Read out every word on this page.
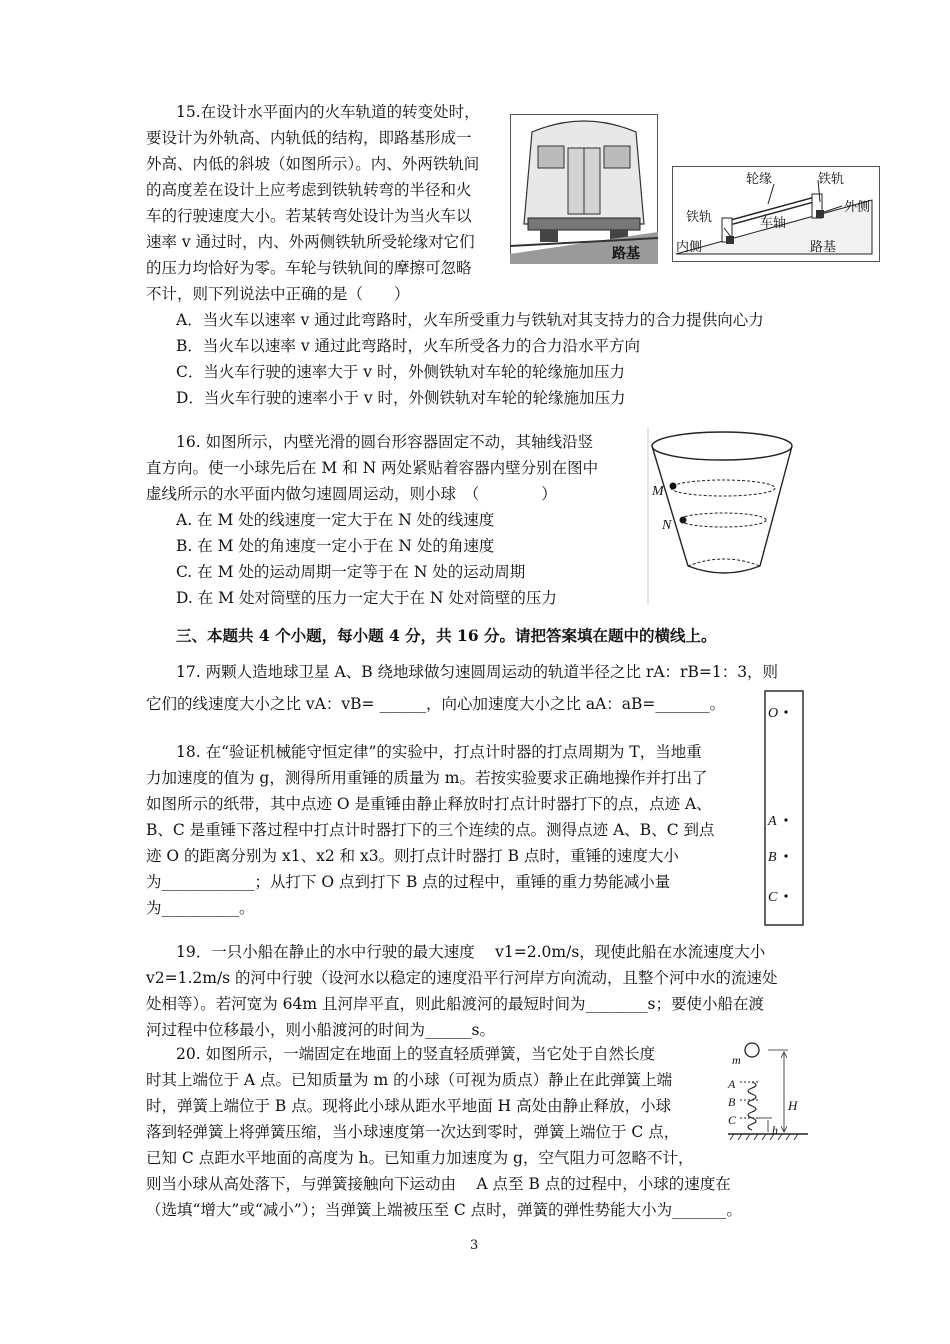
15.在设计水平面内的火车轨道的转变处时，
要设计为外轨高、内轨低的结构，即路基形成一
外高、内低的斜坡（如图所示）。内、外两铁轨间
的高度差在设计上应考虑到铁轨转弯的半径和火
车的行驶速度大小。若某转弯处设计为当火车以
速率 v 通过时，内、外两侧铁轨所受轮缘对它们
的压力均恰好为零。车轮与铁轨间的摩擦可忽略
不计，则下列说法中正确的是（　　）
A．当火车以速率 v 通过此弯路时，火车所受重力与铁轨对其支持力的合力提供向心力
B．当火车以速率 v 通过此弯路时，火车所受各力的合力沿水平方向
C．当火车行驶的速率大于 v 时，外侧铁轨对车轮的轮缘施加压力
D．当火车行驶的速率小于 v 时，外侧铁轨对车轮的轮缘施加压力
路基
轮缘	铁轨
外侧
铁轨	车轴
内侧	路基
16. 如图所示，内壁光滑的圆台形容器固定不动，其轴线沿竖
直方向。使一小球先后在 M 和 N 两处紧贴着容器内壁分别在图中
虚线所示的水平面内做匀速圆周运动，则小球　（　　　　）
A. 在 M 处的线速度一定大于在 N 处的线速度
B. 在 M 处的角速度一定小于在 N 处的角速度
C. 在 M 处的运动周期一定等于在 N 处的运动周期
D. 在 M 处对筒壁的压力一定大于在 N 处对筒壁的压力
M
N
三、本题共 4 个小题，每小题 4 分，共 16 分。请把答案填在题中的横线上。
17. 两颗人造地球卫星 A、B 绕地球做匀速圆周运动的轨道半径之比 rA：rB=1：3，则
它们的线速度大小之比 vA：vB= ______，向心加速度大小之比 aA：aB=_______。
18. 在“验证机械能守恒定律”的实验中，打点计时器的打点周期为 T，当地重
力加速度的值为 g，测得所用重锤的质量为 m。若按实验要求正确地操作并打出了
如图所示的纸带，其中点迹 O 是重锤由静止释放时打点计时器打下的点，点迹 A、
B、C 是重锤下落过程中打点计时器打下的三个连续的点。测得点迹 A、B、C 到点
迹 O 的距离分别为 x1、x2 和 x3。则打点计时器打 B 点时，重锤的速度大小
为____________；从打下 O 点到打下 B 点的过程中，重锤的重力势能减小量
为__________。
O
A
B
C
19．一只小船在静止的水中行驶的最大速度　 v1=2.0m/s，现使此船在水流速度大小
v2=1.2m/s 的河中行驶（设河水以稳定的速度沿平行河岸方向流动，且整个河中水的流速处
处相等）。若河宽为 64m 且河岸平直，则此船渡河的最短时间为________s；要使小船在渡
河过程中位移最小，则小船渡河的时间为______s。
20. 如图所示，一端固定在地面上的竖直轻质弹簧，当它处于自然长度
时其上端位于 A 点。已知质量为 m 的小球（可视为质点）静止在此弹簧上端
时，弹簧上端位于 B 点。现将此小球从距水平地面 H 高处由静止释放，小球
落到轻弹簧上将弹簧压缩，当小球速度第一次达到零时，弹簧上端位于 C 点，
已知 C 点距水平地面的高度为 h。已知重力加速度为 g，空气阻力可忽略不计，
则当小球从高处落下，与弹簧接触向下运动由　 A 点至 B 点的过程中，小球的速度在
（选填“增大”或“减小”）；当弹簧上端被压至 C 点时，弹簧的弹性势能大小为_______。
m
A
B
C
H
h
3
